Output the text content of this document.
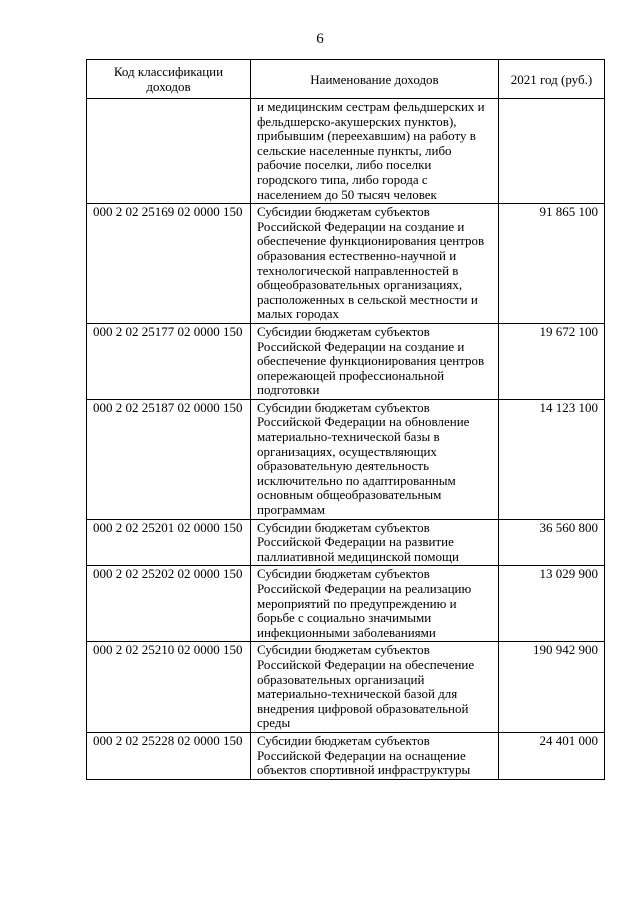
6
Код классификации доходов	Наименование доходов	2021 год (руб.)
	и медицинским сестрам фельдшерских и фельдшерско-акушерских пунктов), прибывшим (переехавшим) на работу в сельские населенные пункты, либо рабочие поселки, либо поселки городского типа, либо города с населением до 50 тысяч человек	
000 2 02 25169 02 0000 150	Субсидии бюджетам субъектов Российской Федерации на создание и обеспечение функционирования центров образования естественно-научной и технологической направленностей в общеобразовательных организациях, расположенных в сельской местности и малых городах	91 865 100
000 2 02 25177 02 0000 150	Субсидии бюджетам субъектов Российской Федерации на создание и обеспечение функционирования центров опережающей профессиональной подготовки	19 672 100
000 2 02 25187 02 0000 150	Субсидии бюджетам субъектов Российской Федерации на обновление материально-технической базы в организациях, осуществляющих образовательную деятельность исключительно по адаптированным основным общеобразовательным программам	14 123 100
000 2 02 25201 02 0000 150	Субсидии бюджетам субъектов Российской Федерации на развитие паллиативной медицинской помощи	36 560 800
000 2 02 25202 02 0000 150	Субсидии бюджетам субъектов Российской Федерации на реализацию мероприятий по предупреждению и борьбе с социально значимыми инфекционными заболеваниями	13 029 900
000 2 02 25210 02 0000 150	Субсидии бюджетам субъектов Российской Федерации на обеспечение образовательных организаций материально-технической базой для внедрения цифровой образовательной среды	190 942 900
000 2 02 25228 02 0000 150	Субсидии бюджетам субъектов Российской Федерации на оснащение объектов спортивной инфраструктуры	24 401 000
